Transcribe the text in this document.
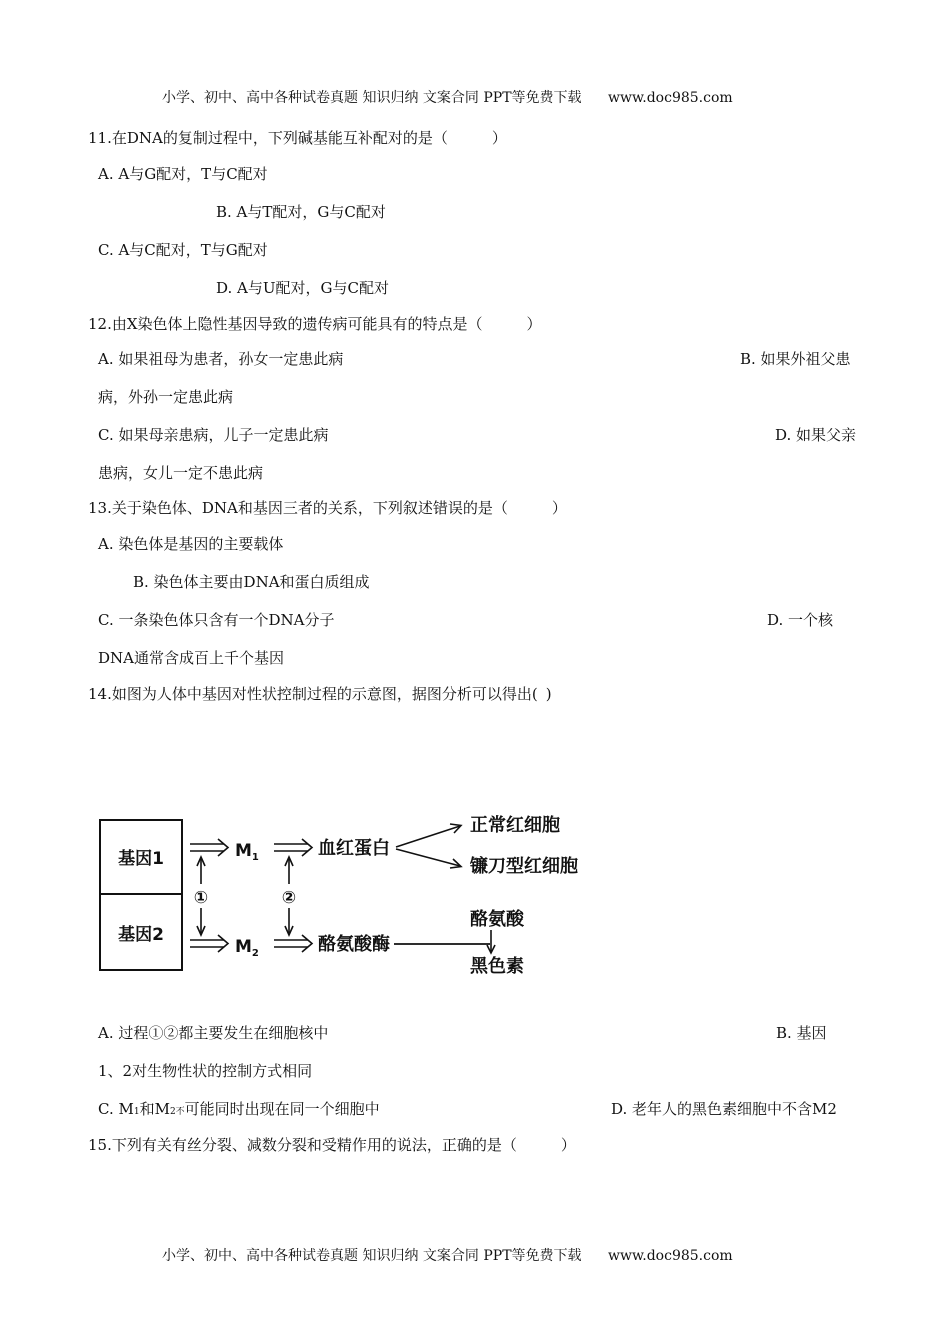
小学、初中、高中各种试卷真题 知识归纳 文案合同 PPT等免费下载 www.doc985.com
11.在DNA的复制过程中，下列碱基能互补配对的是（	）
A. A与G配对，T与C配对
B. A与T配对，G与C配对
C. A与C配对，T与G配对
D. A与U配对，G与C配对
12.由X染色体上隐性基因导致的遗传病可能具有的特点是（	）
A. 如果祖母为患者，孙女一定患此病	B. 如果外祖父患
病，外孙一定患此病
C. 如果母亲患病，儿子一定患此病	D. 如果父亲
患病，女儿一定不患此病
13.关于染色体、DNA和基因三者的关系，下列叙述错误的是（	）
A. 染色体是基因的主要载体
B. 染色体主要由DNA和蛋白质组成
C. 一条染色体只含有一个DNA分子	D. 一个核
DNA通常含成百上千个基因
14.如图为人体中基因对性状控制过程的示意图，据图分析可以得出( )
基因1
基因2
$M_1$	血红蛋白
正常红细胞
镰刀型红细胞
①	②
$M_2$	酪氨酸酶
酪氨酸
黑色素
A. 过程①②都主要发生在细胞核中	B. 基因
1、2对生物性状的控制方式相同
C. M1和M2不可能同时出现在同一个细胞中	D. 老年人的黑色素细胞中不含M2
15.下列有关有丝分裂、减数分裂和受精作用的说法，正确的是（	）
小学、初中、高中各种试卷真题 知识归纳 文案合同 PPT等免费下载 www.doc985.com
